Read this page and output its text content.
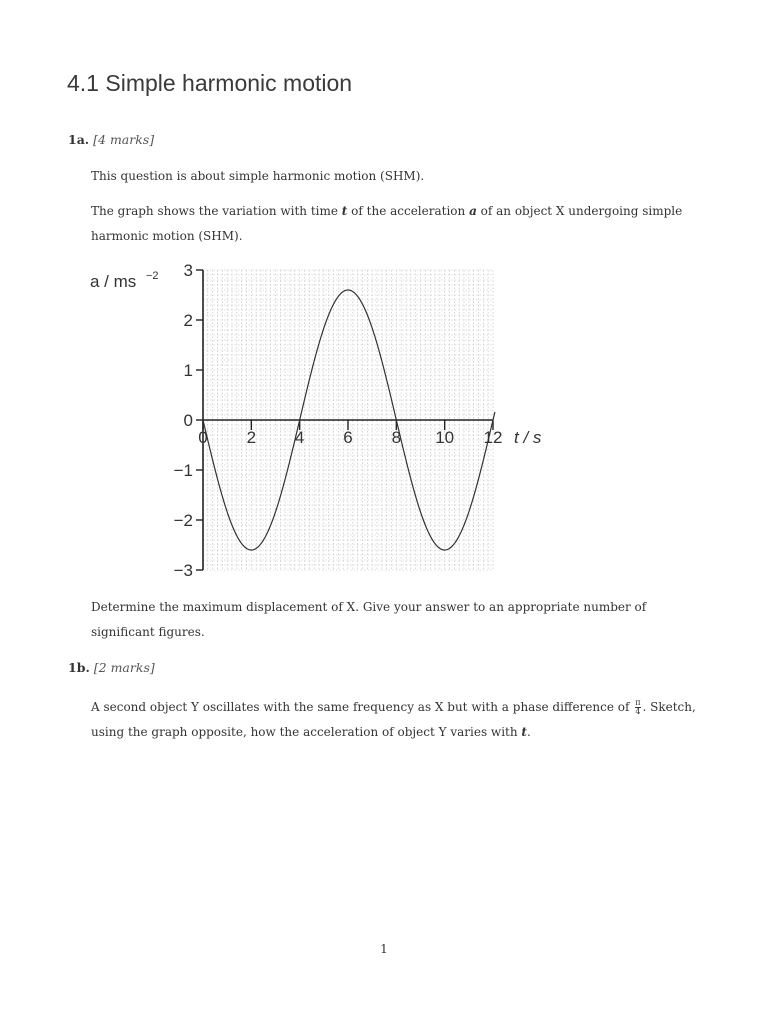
4.1 Simple harmonic motion
1a. [4 marks]

This question is about simple harmonic motion (SHM).

The graph shows the variation with time t of the acceleration a of an object X undergoing simple harmonic motion (SHM).

3
2
1
0
−1
−2
−3
0 2 4 6 8 10 12
a / ms −2
t / s

Determine the maximum displacement of X. Give your answer to an appropriate number of significant figures.

1b. [2 marks]

A second object Y oscillates with the same frequency as X but with a phase difference of $\frac{\pi}{4}$ . Sketch, using the graph opposite, how the acceleration of object Y varies with t.

1
